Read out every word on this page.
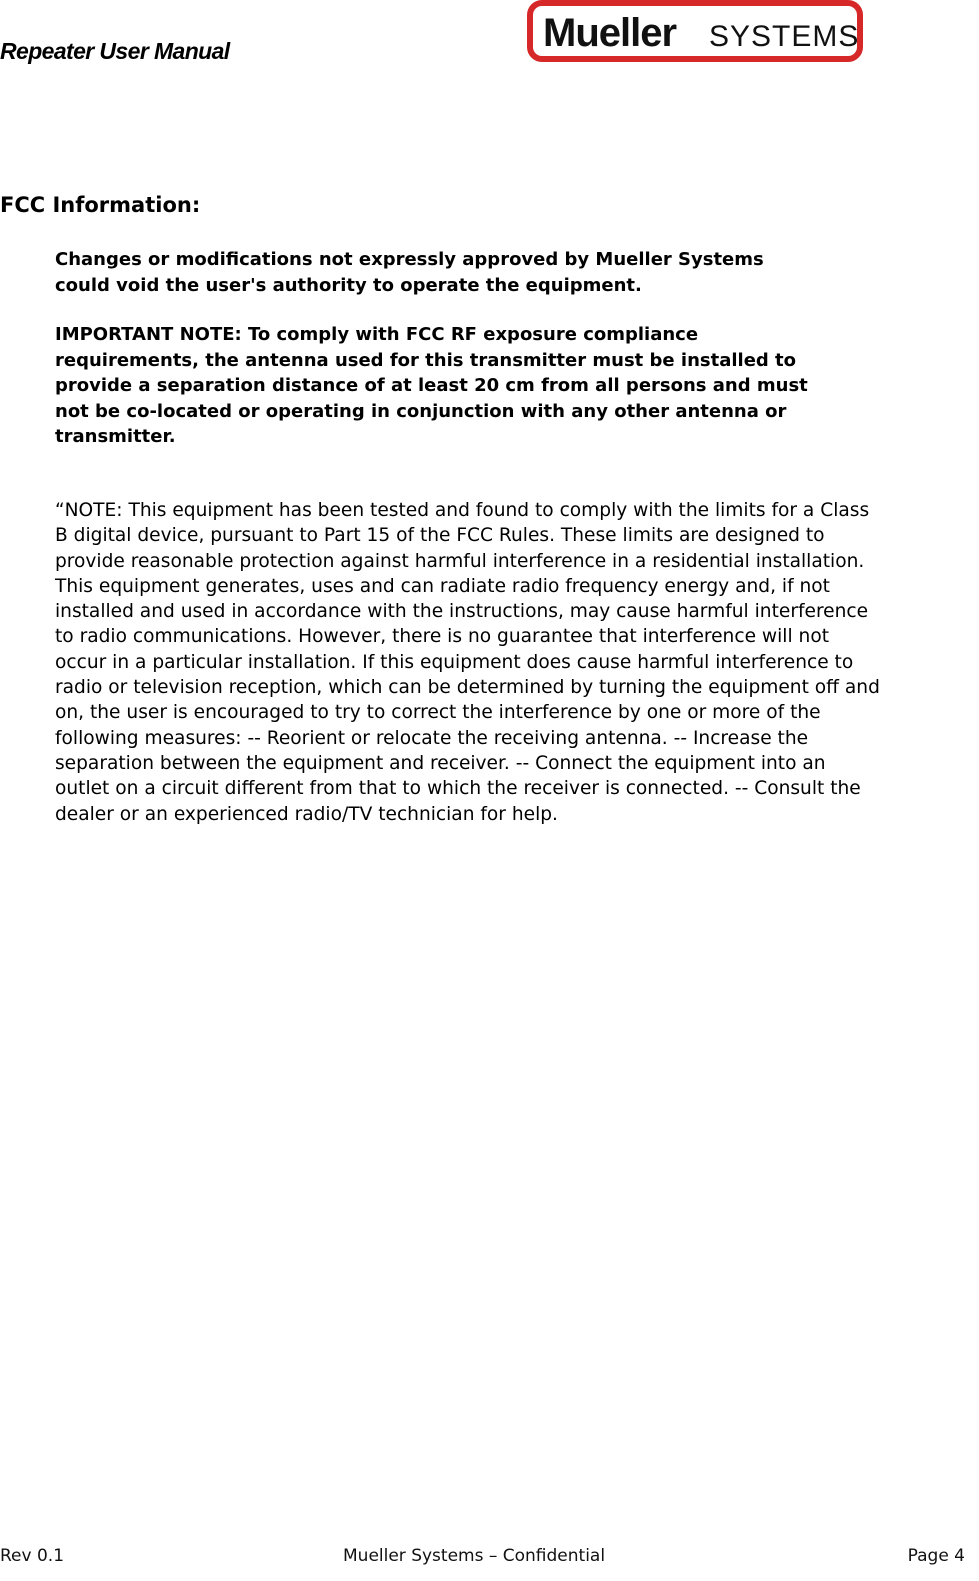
Repeater User Manual	Mueller SYSTEMS
FCC Information:
Changes or modifications not expressly approved by Mueller Systems
could void the user's authority to operate the equipment.
IMPORTANT NOTE: To comply with FCC RF exposure compliance
requirements, the antenna used for this transmitter must be installed to
provide a separation distance of at least 20 cm from all persons and must
not be co-located or operating in conjunction with any other antenna or
transmitter.
“NOTE: This equipment has been tested and found to comply with the limits for a Class
B digital device, pursuant to Part 15 of the FCC Rules. These limits are designed to
provide reasonable protection against harmful interference in a residential installation.
This equipment generates, uses and can radiate radio frequency energy and, if not
installed and used in accordance with the instructions, may cause harmful interference
to radio communications. However, there is no guarantee that interference will not
occur in a particular installation. If this equipment does cause harmful interference to
radio or television reception, which can be determined by turning the equipment off and
on, the user is encouraged to try to correct the interference by one or more of the
following measures: -- Reorient or relocate the receiving antenna. -- Increase the
separation between the equipment and receiver. -- Connect the equipment into an
outlet on a circuit different from that to which the receiver is connected. -- Consult the
dealer or an experienced radio/TV technician for help.
Rev 0.1	Mueller Systems – Confidential	Page 4
